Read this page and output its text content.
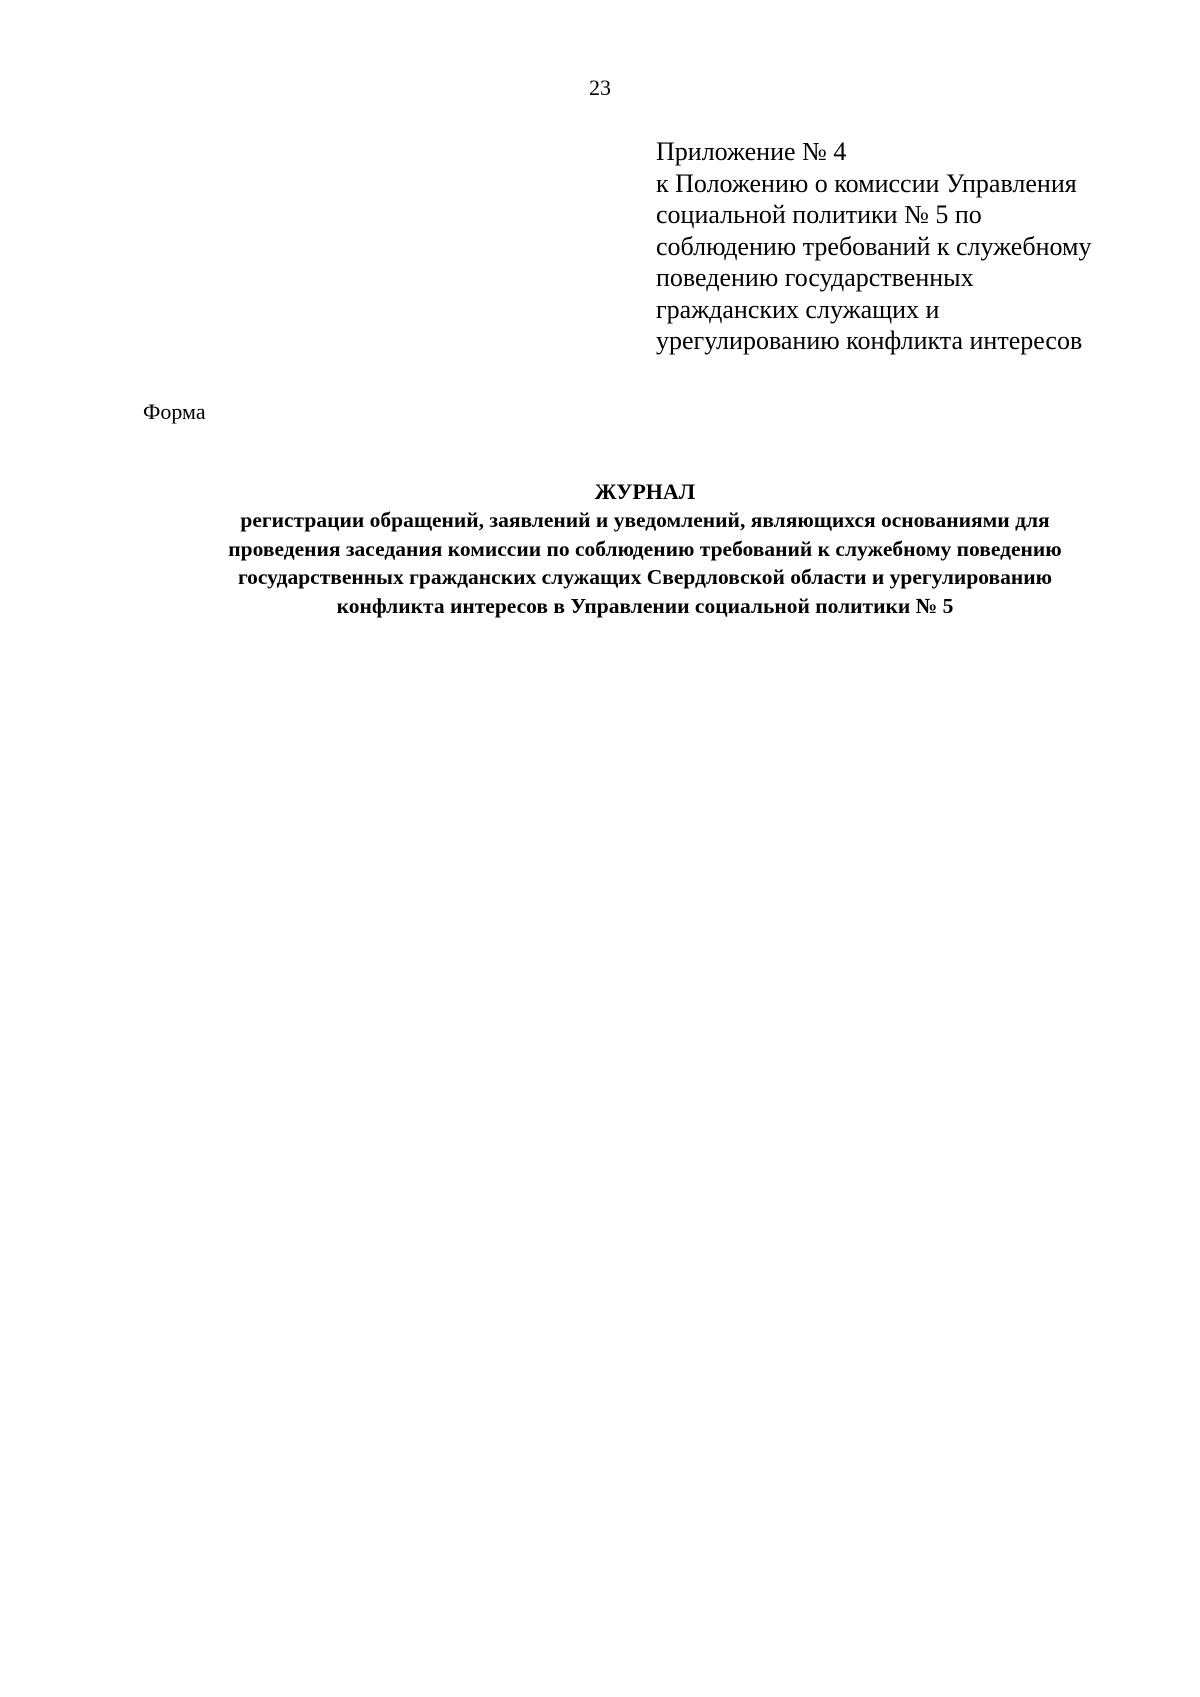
23
Приложение № 4
к Положению о комиссии Управления
социальной политики № 5 по
соблюдению требований к служебному
поведению государственных
гражданских служащих и
урегулированию конфликта интересов
Форма
ЖУРНАЛ
регистрации обращений, заявлений и уведомлений, являющихся основаниями для
проведения заседания комиссии по соблюдению требований к служебному поведению
государственных гражданских служащих Свердловской области и урегулированию
конфликта интересов в Управлении социальной политики № 5
